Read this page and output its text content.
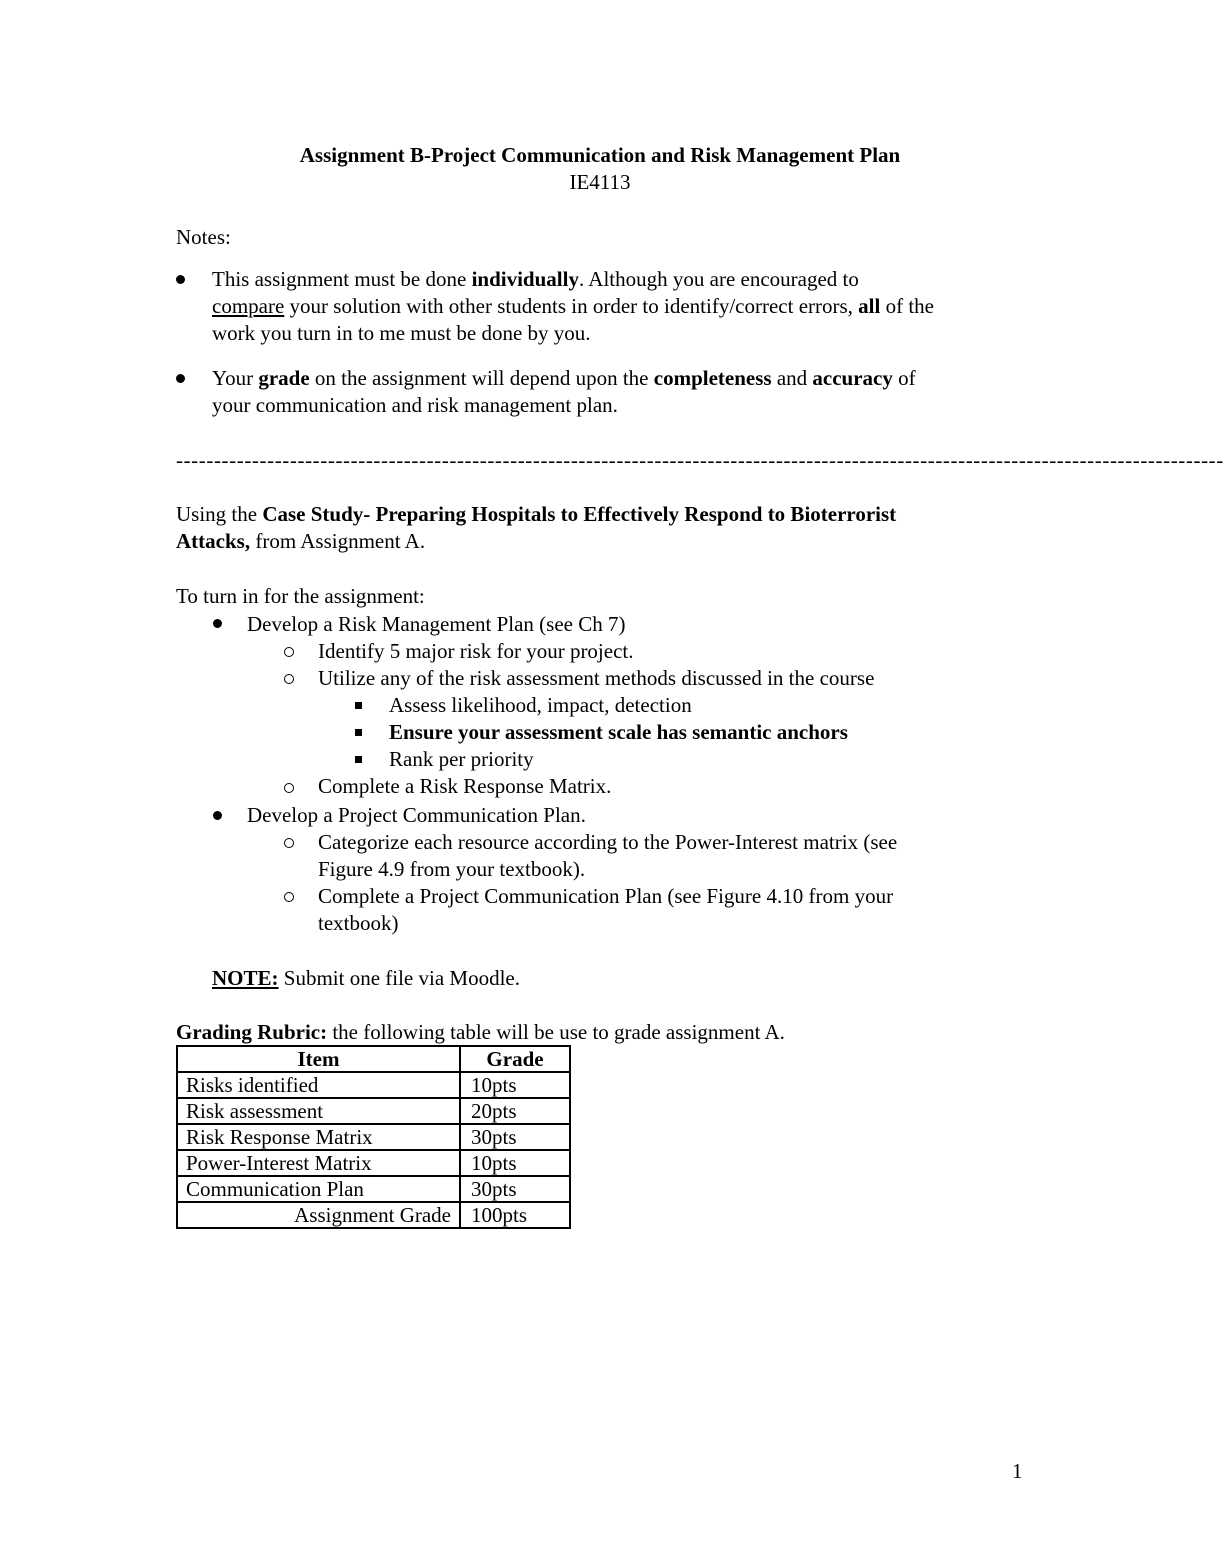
Assignment B-Project Communication and Risk Management Plan
IE4113
Notes:
This assignment must be done individually. Although you are encouraged to
compare your solution with other students in order to identify/correct errors, all of the
work you turn in to me must be done by you.
Your grade on the assignment will depend upon the completeness and accuracy of
your communication and risk management plan.
------------------------------------------------------------------------------------------------------------------------------------------
Using the Case Study- Preparing Hospitals to Effectively Respond to Bioterrorist
Attacks, from Assignment A.
To turn in for the assignment:
Develop a Risk Management Plan (see Ch 7)
Identify 5 major risk for your project.
Utilize any of the risk assessment methods discussed in the course
Assess likelihood, impact, detection
Ensure your assessment scale has semantic anchors
Rank per priority
Complete a Risk Response Matrix.
Develop a Project Communication Plan.
Categorize each resource according to the Power-Interest matrix (see
Figure 4.9 from your textbook).
Complete a Project Communication Plan (see Figure 4.10 from your
textbook)
NOTE: Submit one file via Moodle.
Grading Rubric: the following table will be use to grade assignment A.
Item	Grade
Risks identified	10pts
Risk assessment	20pts
Risk Response Matrix	30pts
Power-Interest Matrix	10pts
Communication Plan	30pts
Assignment Grade	100pts
1
